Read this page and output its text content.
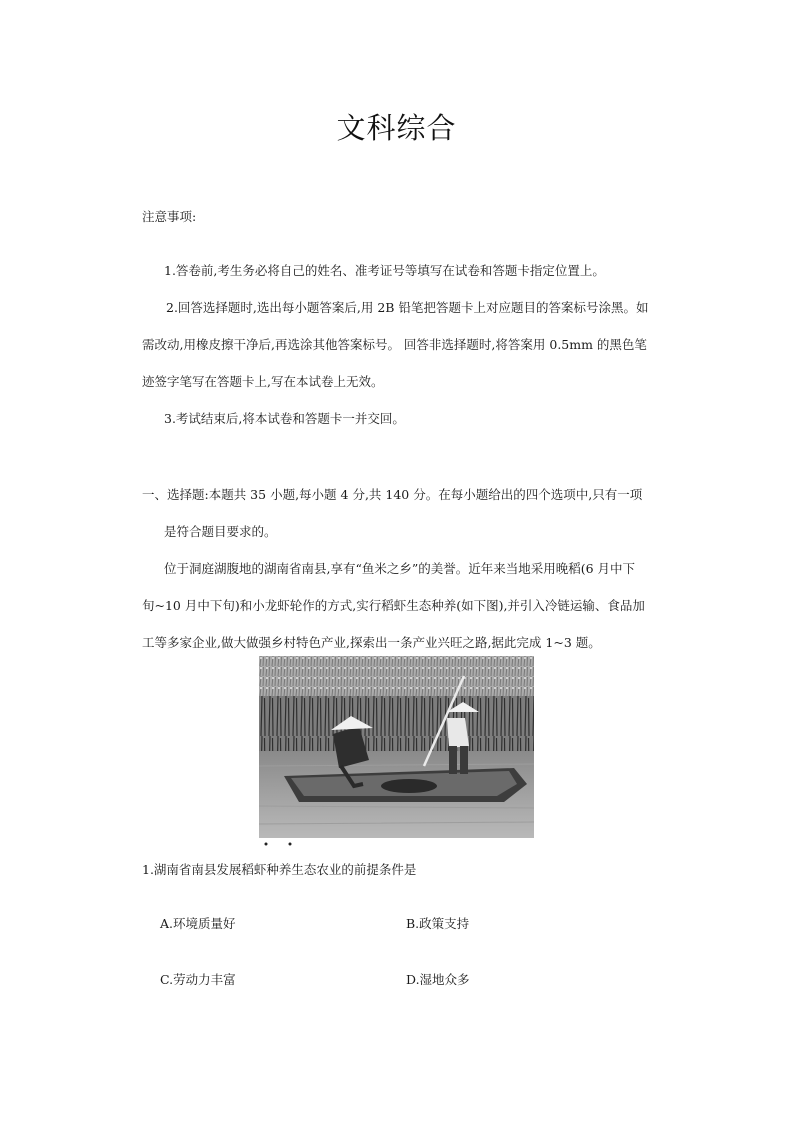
文科综合
注意事项:
1.答卷前,考生务必将自己的姓名、准考证号等填写在试卷和答题卡指定位置上。
2.回答选择题时,选出每小题答案后,用 2B 铅笔把答题卡上对应题目的答案标号涂黑。如
需改动,用橡皮擦干净后,再选涂其他答案标号。 回答非选择题时,将答案用 0.5mm 的黑色笔
迹签字笔写在答题卡上,写在本试卷上无效。
3.考试结束后,将本试卷和答题卡一并交回。
一、选择题:本题共 35 小题,每小题 4 分,共 140 分。在每小题给出的四个选项中,只有一项
是符合题目要求的。
位于洞庭湖腹地的湖南省南县,享有“鱼米之乡”的美誉。近年来当地采用晚稻(6 月中下
旬~10 月中下旬)和小龙虾轮作的方式,实行稻虾生态种养(如下图),并引入冷链运输、食品加
工等多家企业,做大做强乡村特色产业,探索出一条产业兴旺之路,据此完成 1~3 题。
1.湖南省南县发展稻虾种养生态农业的前提条件是
A.环境质量好	B.政策支持
C.劳动力丰富	D.湿地众多
